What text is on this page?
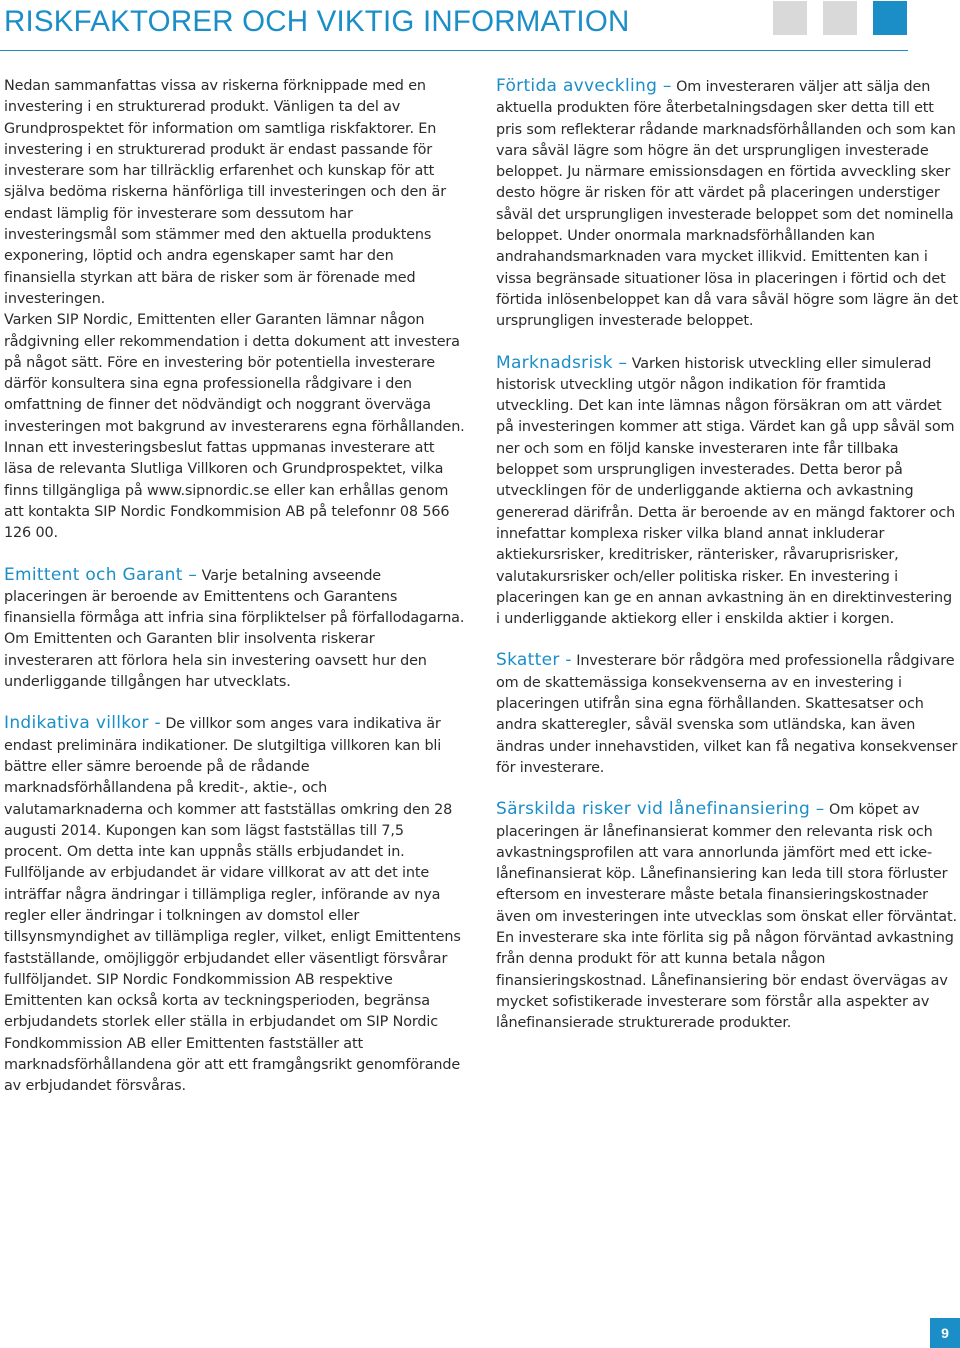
RISKFAKTORER OCH VIKTIG INFORMATION

Nedan sammanfattas vissa av riskerna förknippade med en investering i en strukturerad produkt. Vänligen ta del av Grundprospektet för information om samtliga riskfaktorer. En investering i en strukturerad produkt är endast passande för investerare som har tillräcklig erfarenhet och kunskap för att själva bedöma riskerna hänförliga till investeringen och den är endast lämplig för investerare som dessutom har investeringsmål som stämmer med den aktuella produktens exponering, löptid och andra egenskaper samt har den finansiella styrkan att bära de risker som är förenade med investeringen.

Varken SIP Nordic, Emittenten eller Garanten lämnar någon rådgivning eller rekommendation i detta dokument att investera på något sätt. Före en investering bör potentiella investerare därför konsultera sina egna professionella rådgivare i den omfattning de finner det nödvändigt och noggrant överväga investeringen mot bakgrund av investerarens egna förhållanden. Innan ett investeringsbeslut fattas uppmanas investerare att läsa de relevanta Slutliga Villkoren och Grundprospektet, vilka finns tillgängliga på www.sipnordic.se eller kan erhållas genom att kontakta SIP Nordic Fondkommision AB på telefonnr 08 566 126 00.

Emittent och Garant – Varje betalning avseende placeringen är beroende av Emittentens och Garantens finansiella förmåga att infria sina förpliktelser på förfallodagarna. Om Emittenten och Garanten blir insolventa riskerar investeraren att förlora hela sin investering oavsett hur den underliggande tillgången har utvecklats.

Indikativa villkor - De villkor som anges vara indikativa är endast preliminära indikationer. De slutgiltiga villkoren kan bli bättre eller sämre beroende på de rådande marknadsförhållandena på kredit-, aktie-, och valutamarknaderna och kommer att fastställas omkring den 28 augusti 2014. Kupongen kan som lägst fastställas till 7,5 procent. Om detta inte kan uppnås ställs erbjudandet in. Fullföljande av erbjudandet är vidare villkorat av att det inte inträffar några ändringar i tillämpliga regler, införande av nya regler eller ändringar i tolkningen av domstol eller tillsynsmyndighet av tillämpliga regler, vilket, enligt Emittentens fastställande, omöjliggör erbjudandet eller väsentligt försvårar fullföljandet. SIP Nordic Fondkommission AB respektive Emittenten kan också korta av teckningsperioden, begränsa erbjudandets storlek eller ställa in erbjudandet om SIP Nordic Fondkommission AB eller Emittenten fastställer att marknadsförhållandena gör att ett framgångsrikt genomförande av erbjudandet försvåras.

Förtida avveckling – Om investeraren väljer att sälja den aktuella produkten före återbetalningsdagen sker detta till ett pris som reflekterar rådande marknadsförhållanden och som kan vara såväl lägre som högre än det ursprungligen investerade beloppet. Ju närmare emissionsdagen en förtida avveckling sker desto högre är risken för att värdet på placeringen understiger såväl det ursprungligen investerade beloppet som det nominella beloppet. Under onormala marknadsförhållanden kan andrahandsmarknaden vara mycket illikvid. Emittenten kan i vissa begränsade situationer lösa in placeringen i förtid och det förtida inlösenbeloppet kan då vara såväl högre som lägre än det ursprungligen investerade beloppet.

Marknadsrisk – Varken historisk utveckling eller simulerad historisk utveckling utgör någon indikation för framtida utveckling. Det kan inte lämnas någon försäkran om att värdet på investeringen kommer att stiga. Värdet kan gå upp såväl som ner och som en följd kanske investeraren inte får tillbaka beloppet som ursprungligen investerades. Detta beror på utvecklingen för de underliggande aktierna och avkastning genererad därifrån. Detta är beroende av en mängd faktorer och innefattar komplexa risker vilka bland annat inkluderar aktiekursrisker, kreditrisker, ränterisker, råvaruprisrisker, valutakursrisker och/eller politiska risker. En investering i placeringen kan ge en annan avkastning än en direktinvestering i underliggande aktiekorg eller i enskilda aktier i korgen.

Skatter - Investerare bör rådgöra med professionella rådgivare om de skattemässiga konsekvenserna av en investering i placeringen utifrån sina egna förhållanden. Skattesatser och andra skatteregler, såväl svenska som utländska, kan även ändras under innehavstiden, vilket kan få negativa konsekvenser för investerare.

Särskilda risker vid lånefinansiering – Om köpet av placeringen är lånefinansierat kommer den relevanta risk och avkastningsprofilen att vara annorlunda jämfört med ett icke-lånefinansierat köp. Lånefinansiering kan leda till stora förluster eftersom en investerare måste betala finansieringskostnader även om investeringen inte utvecklas som önskat eller förväntat. En investerare ska inte förlita sig på någon förväntad avkastning från denna produkt för att kunna betala någon finansieringskostnad. Lånefinansiering bör endast övervägas av mycket sofistikerade investerare som förstår alla aspekter av lånefinansierade strukturerade produkter.

9
